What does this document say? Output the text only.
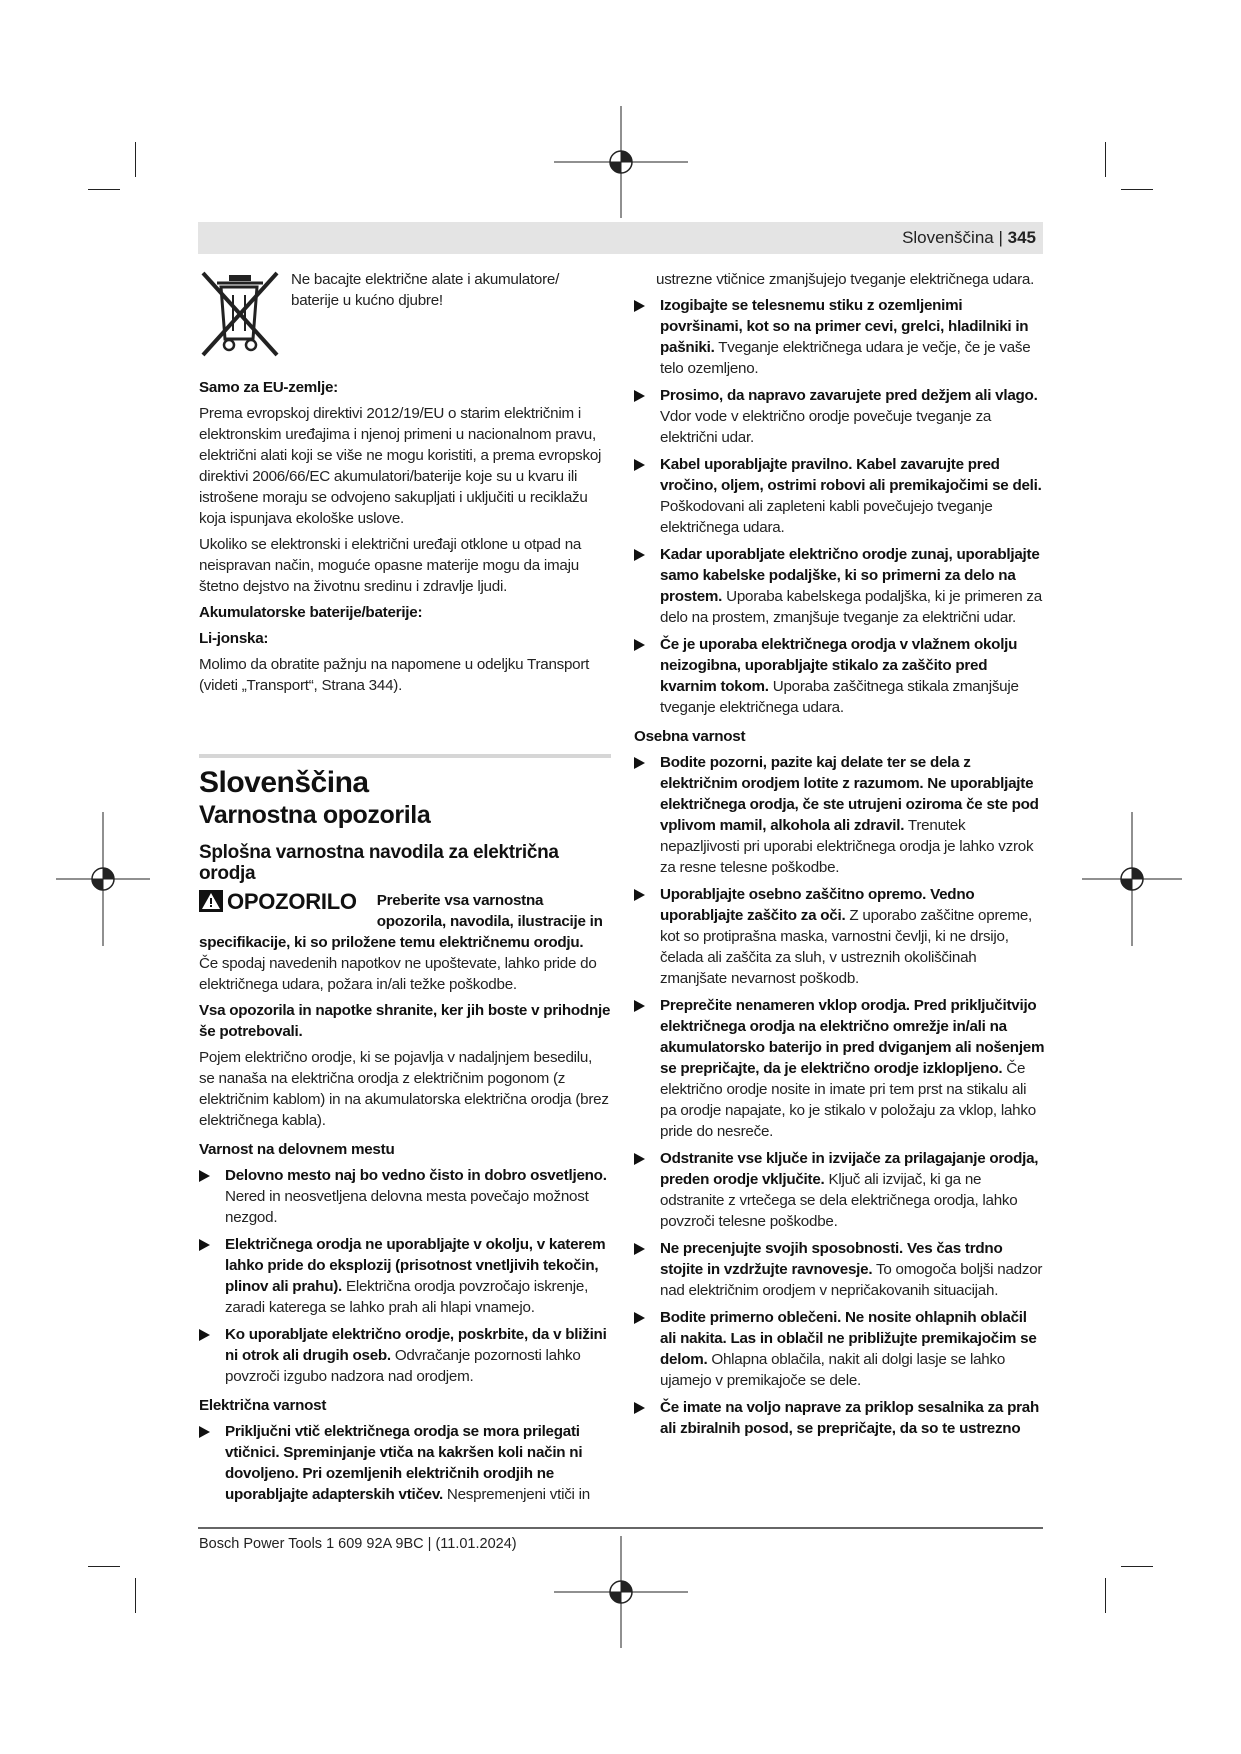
Slovenščina | 345
Ne bacajte električne alate i akumulatore/ baterije u kućno djubre!

Samo za EU-zemlje:

Prema evropskoj direktivi 2012/19/EU o starim električnim i elektronskim uređajima i njenoj primeni u nacionalnom pravu, električni alati koji se više ne mogu koristiti, a prema evropskoj direktivi 2006/66/EC akumulatori/baterije koje su u kvaru ili istrošene moraju se odvojeno sakupljati i uključiti u reciklažu koja ispunjava ekološke uslove.

Ukoliko se elektronski i električni uređaji otklone u otpad na neispravan način, moguće opasne materije mogu da imaju štetno dejstvo na životnu sredinu i zdravlje ljudi.

Akumulatorske baterije/baterije:

Li-jonska:

Molimo da obratite pažnju na napomene u odeljku Transport (videti „Transport“, Strana 344).

Slovenščina
Varnostna opozorila
Splošna varnostna navodila za električna orodja
OPOZORILO Preberite vsa varnostna opozorila, navodila, ilustracije in

specifikacije, ki so priložene temu električnemu orodju.

Če spodaj navedenih napotkov ne upoštevate, lahko pride do električnega udara, požara in/ali težke poškodbe.

Vsa opozorila in napotke shranite, ker jih boste v prihodnje še potrebovali.

Pojem električno orodje, ki se pojavlja v nadaljnjem besedilu, se nanaša na električna orodja z električnim pogonom (z električnim kablom) in na akumulatorska električna orodja (brez električnega kabla).

Varnost na delovnem mestu

Delovno mesto naj bo vedno čisto in dobro osvetljeno. Nered in neosvetljena delovna mesta povečajo možnost nezgod.
Električnega orodja ne uporabljajte v okolju, v katerem lahko pride do eksplozij (prisotnost vnetljivih tekočin, plinov ali prahu). Električna orodja povzročajo iskrenje, zaradi katerega se lahko prah ali hlapi vnamejo.
Ko uporabljate električno orodje, poskrbite, da v bližini ni otrok ali drugih oseb. Odvračanje pozornosti lahko povzroči izgubo nadzora nad orodjem.

Električna varnost

Priključni vtič električnega orodja se mora prilegati vtičnici. Spreminjanje vtiča na kakršen koli način ni dovoljeno. Pri ozemljenih električnih orodjih ne uporabljajte adapterskih vtičev. Nespremenjeni vtiči in

ustrezne vtičnice zmanjšujejo tveganje električnega udara.

Izogibajte se telesnemu stiku z ozemljenimi površinami, kot so na primer cevi, grelci, hladilniki in pašniki. Tveganje električnega udara je večje, če je vaše telo ozemljeno.
Prosimo, da napravo zavarujete pred dežjem ali vlago. Vdor vode v električno orodje povečuje tveganje za električni udar.
Kabel uporabljajte pravilno. Kabel zavarujte pred vročino, oljem, ostrimi robovi ali premikajočimi se deli. Poškodovani ali zapleteni kabli povečujejo tveganje električnega udara.
Kadar uporabljate električno orodje zunaj, uporabljajte samo kabelske podaljške, ki so primerni za delo na prostem. Uporaba kabelskega podaljška, ki je primeren za delo na prostem, zmanjšuje tveganje za električni udar.
Če je uporaba električnega orodja v vlažnem okolju neizogibna, uporabljajte stikalo za zaščito pred kvarnim tokom. Uporaba zaščitnega stikala zmanjšuje tveganje električnega udara.

Osebna varnost

Bodite pozorni, pazite kaj delate ter se dela z električnim orodjem lotite z razumom. Ne uporabljajte električnega orodja, če ste utrujeni oziroma če ste pod vplivom mamil, alkohola ali zdravil. Trenutek nepazljivosti pri uporabi električnega orodja je lahko vzrok za resne telesne poškodbe.
Uporabljajte osebno zaščitno opremo. Vedno uporabljajte zaščito za oči. Z uporabo zaščitne opreme, kot so protiprašna maska, varnostni čevlji, ki ne drsijo, čelada ali zaščita za sluh, v ustreznih okoliščinah zmanjšate nevarnost poškodb.
Preprečite nenameren vklop orodja. Pred priključitvijo električnega orodja na električno omrežje in/ali na akumulatorsko baterijo in pred dviganjem ali nošenjem se prepričajte, da je električno orodje izklopljeno. Če električno orodje nosite in imate pri tem prst na stikalu ali pa orodje napajate, ko je stikalo v položaju za vklop, lahko pride do nesreče.
Odstranite vse ključe in izvijače za prilagajanje orodja, preden orodje vključite. Ključ ali izvijač, ki ga ne odstranite z vrtečega se dela električnega orodja, lahko povzroči telesne poškodbe.
Ne precenjujte svojih sposobnosti. Ves čas trdno stojite in vzdržujte ravnovesje. To omogoča boljši nadzor nad električnim orodjem v nepričakovanih situacijah.
Bodite primerno oblečeni. Ne nosite ohlapnih oblačil ali nakita. Las in oblačil ne približujte premikajočim se delom. Ohlapna oblačila, nakit ali dolgi lasje se lahko ujamejo v premikajoče se dele.
Če imate na voljo naprave za priklop sesalnika za prah ali zbiralnih posod, se prepričajte, da so te ustrezno
Bosch Power Tools 1 609 92A 9BC | (11.01.2024)
